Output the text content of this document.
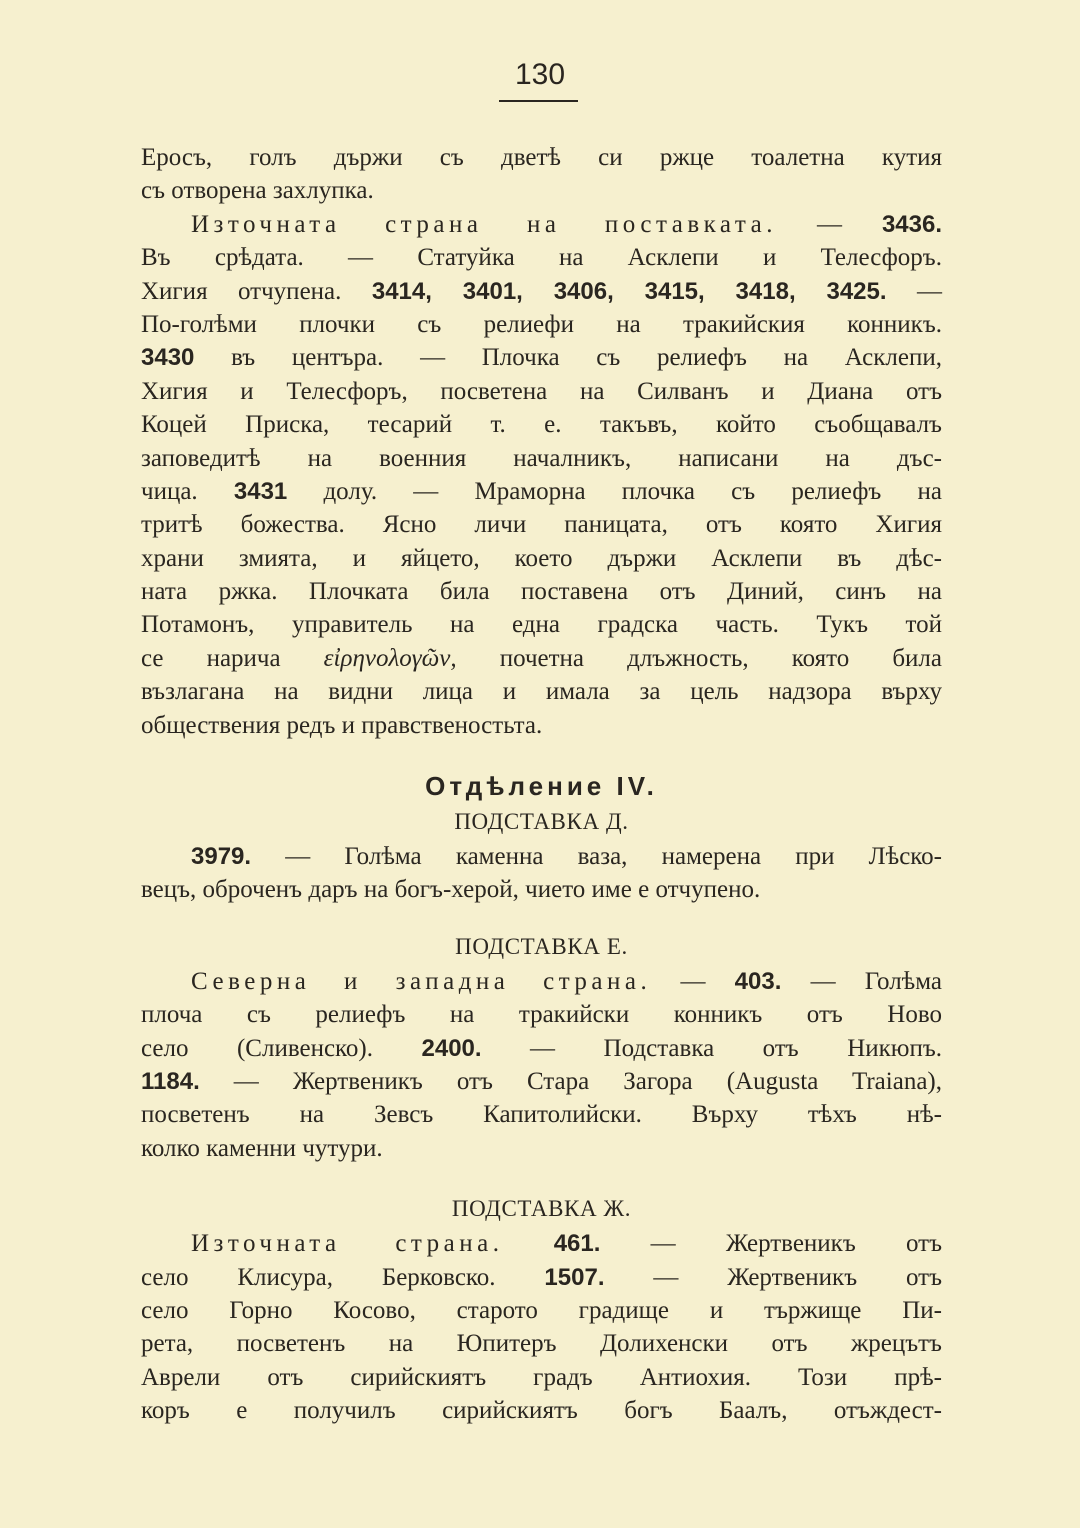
130
Еросъ, голъ държи съ дветѣ си ржце тоалетна кутия
съ отворена захлупка.
Източната страна на поставката. — 3436.
Въ срѣдата. — Статуйка на Асклепи и Телесфоръ.
Хигия отчупена. 3414, 3401, 3406, 3415, 3418, 3425. —
По-голѣми плочки съ релиефи на тракийския конникъ.
3430 въ центъра. — Плочка съ релиефъ на Асклепи,
Хигия и Телесфоръ, посветена на Силванъ и Диана отъ
Коцей Приска, тесарий т. е. такъвъ, който съобщавалъ
заповедитѣ на военния началникъ, написани на дъс-
чица. 3431 долу. — Мраморна плочка съ релиефъ на
тритѣ божества. Ясно личи паницата, отъ която Хигия
храни змията, и яйцето, което държи Асклепи въ дѣс-
ната ржка. Плочката била поставена отъ Диний, синъ на
Потамонъ, управитель на една градска часть. Тукъ той
се нарича εἰρηνολογῶν, почетна длъжность, която била
възлагана на видни лица и имала за цель надзора върху
обществения редъ и правственостьта.
Отдѣление IV.
ПОДСТАВКА Д.
3979. — Голѣма каменна ваза, намерена при Лѣско-
вецъ, оброченъ даръ на богъ-херой, чието име е отчупено.
ПОДСТАВКА Е.
Северна и западна страна. — 403. — Голѣма
плоча съ релиефъ на тракийски конникъ отъ Ново
село (Сливенско). 2400. — Подставка отъ Никюпъ.
1184. — Жертвеникъ отъ Стара Загора (Augusta Traiana),
посветенъ на Зевсъ Капитолийски. Върху тѣхъ нѣ-
колко каменни чутури.
ПОДСТАВКА Ж.
Източната страна. 461. — Жертвеникъ отъ
село Клисура, Берковско. 1507. — Жертвеникъ отъ
село Горно Косово, старото градище и тържище Пи-
рета, посветенъ на Юпитеръ Долихенски отъ жрецътъ
Аврели отъ сирийскиятъ градъ Антиохия. Този прѣ-
коръ е получилъ сирийскиятъ богъ Баалъ, отъждест-
